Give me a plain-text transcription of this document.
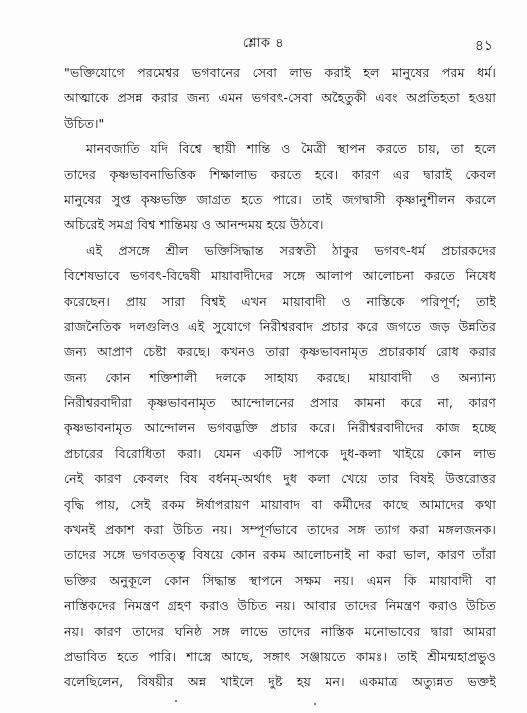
শ্লোক ৪	৪১
"ভক্তিযোগে পরমেশ্বর ভগবানের সেবা লাভ করাই হল মানুষের পরম ধর্ম।
আত্মাকে প্রসন্ন করার জন্য এমন ভগবৎ-সেবা অহৈতুকী এবং অপ্রতিহতা হওয়া
উচিত।"
মানবজাতি যদি বিশ্বে স্থায়ী শান্তি ও মৈত্রী স্থাপন করতে চায়, তা হলে
তাদের কৃষ্ণভাবনাভিত্তিক শিক্ষালাভ করতে হবে। কারণ এর দ্বারাই কেবল
মানুষের সুপ্ত কৃষ্ণভক্তি জাগ্রত হতে পারে। তাই জগদ্বাসী কৃষ্ণানুশীলন করলে
অচিরেই সমগ্র বিশ্ব শান্তিময় ও আনন্দময় হয়ে উঠবে।
এই প্রসঙ্গে শ্রীল ভক্তিসিদ্ধান্ত সরস্বতী ঠাকুর ভগবৎ-ধর্ম প্রচারকদের
বিশেষভাবে ভগবৎ-বিদ্বেষী মায়াবাদীদের সঙ্গে আলাপ আলোচনা করতে নিষেধ
করেছেন। প্রায় সারা বিশ্বই এখন মায়াবাদী ও নাস্তিকে পরিপূর্ণ; তাই
রাজনৈতিক দলগুলিও এই সুযোগে নিরীশ্বরবাদ প্রচার করে জগতে জড় উন্নতির
জন্য আপ্রাণ চেষ্টা করছে। কখনও তারা কৃষ্ণভাবনামৃত প্রচারকার্য রোধ করার
জন্য কোন শক্তিশালী দলকে সাহায্য করছে। মায়াবাদী ও অন্যান্য
নিরীশ্বরবাদীরা কৃষ্ণভাবনামৃত আন্দোলনের প্রসার কামনা করে না, কারণ
কৃষ্ণভাবনামৃত আন্দোলন ভগবদ্ভক্তি প্রচার করে। নিরীশ্বরবাদীদের কাজ হচ্ছে
প্রচারের বিরোধিতা করা। যেমন একটি সাপকে দুধ-কলা খাইয়ে কোন লাভ
নেই কারণ কেবলং বিষ বর্ধনম্-অর্থাৎ দুধ কলা খেয়ে তার বিষই উত্তরোত্তর
বৃদ্ধি পায়, সেই রকম ঈর্ষাপরায়ণ মায়াবাদ বা কর্মীদের কাছে আমাদের কথা
কখনই প্রকাশ করা উচিত নয়। সম্পূর্ণভাবে তাদের সঙ্গ ত্যাগ করা মঙ্গলজনক।
তাদের সঙ্গে ভগবতত্ত্ব বিষয়ে কোন রকম আলোচনাই না করা ভাল, কারণ তাঁরা
ভক্তির অনুকূলে কোন সিদ্ধান্ত স্থাপনে সক্ষম নয়। এমন কি মায়াবাদী বা
নাস্তিকদের নিমন্ত্রণ গ্রহণ করাও উচিত নয়। আবার তাদের নিমন্ত্রণ করাও উচিত
নয়। কারণ তাদের ঘনিষ্ঠ সঙ্গ লাভে তাদের নাস্তিক মনোভাবের দ্বারা আমরা
প্রভাবিত হতে পারি। শাস্ত্রে আছে, সঙ্গাৎ সঞ্জায়তে কামঃ। তাই শ্রীমন্মহাপ্রভুও
বলেছিলেন, বিষয়ীর অন্ন খাইলে দুষ্ট হয় মন। একমাত্র অত্যুন্নত ভক্তই
